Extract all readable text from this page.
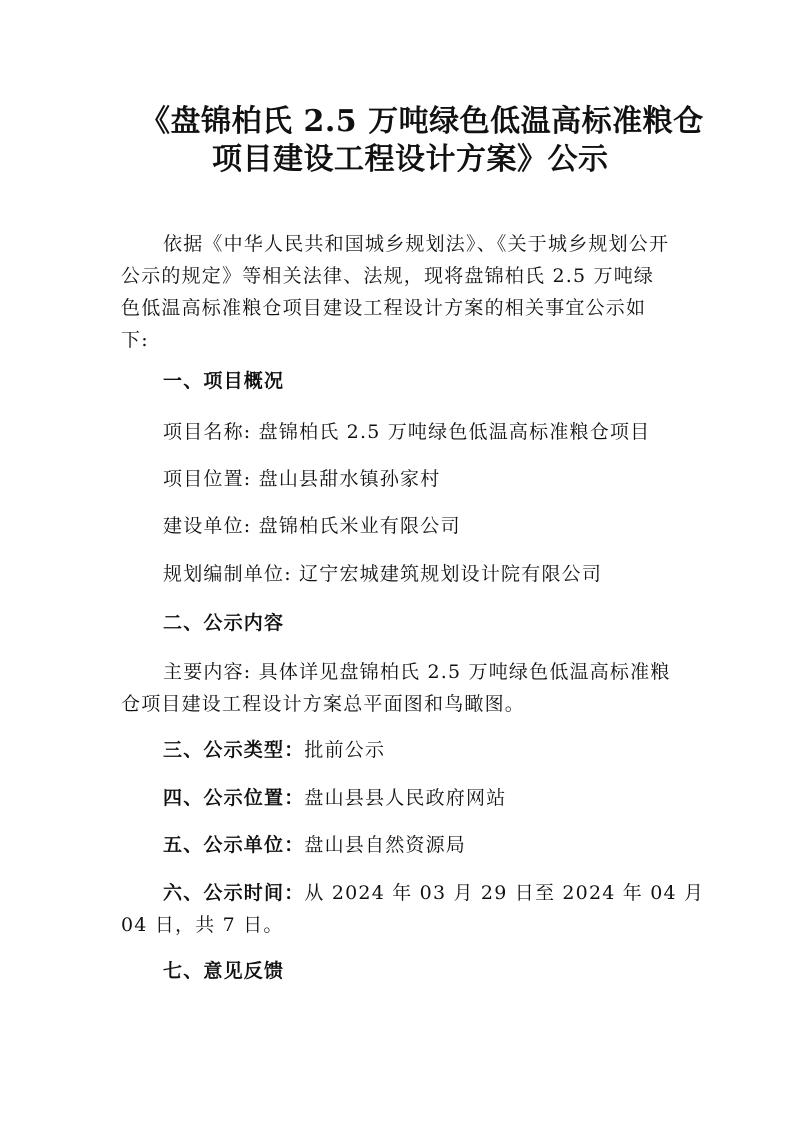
《盘锦柏氏 2.5 万吨绿色低温高标准粮仓
项目建设工程设计方案》公示

依据《中华人民共和国城乡规划法》、《关于城乡规划公开公示的规定》等相关法律、法规，现将盘锦柏氏 2.5 万吨绿色低温高标准粮仓项目建设工程设计方案的相关事宜公示如下:

一、项目概况

项目名称: 盘锦柏氏 2.5 万吨绿色低温高标准粮仓项目

项目位置: 盘山县甜水镇孙家村

建设单位: 盘锦柏氏米业有限公司

规划编制单位: 辽宁宏城建筑规划设计院有限公司

二、公示内容

主要内容: 具体详见盘锦柏氏 2.5 万吨绿色低温高标准粮仓项目建设工程设计方案总平面图和鸟瞰图。

三、公示类型：批前公示

四、公示位置：盘山县县人民政府网站

五、公示单位：盘山县自然资源局

六、公示时间：从 2024 年 03 月 29 日至 2024 年 04 月

04 日，共 7 日。

七、意见反馈
